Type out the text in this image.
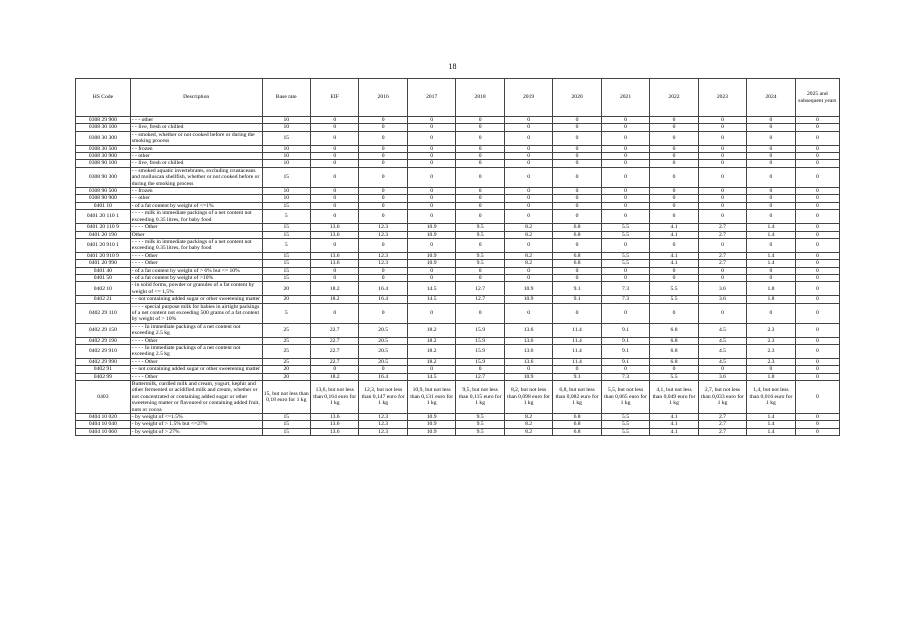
18
HS Code	Description	Base rate	EIF	2016	2017	2018	2019	2020	2021	2022	2023	2024	2025 and subsequent years
0308 29 900	- - - other	10	0	0	0	0	0	0	0	0	0	0	0
0308 30 100	- - live, fresh or chilled	10	0	0	0	0	0	0	0	0	0	0	0
0308 30 300	- - smoked, whether or not cooked before or during the smoking process	15	0	0	0	0	0	0	0	0	0	0	0
0308 30 500	- - frozen	10	0	0	0	0	0	0	0	0	0	0	0
0308 30 900	- - other	10	0	0	0	0	0	0	0	0	0	0	0
0308 90 100	- - live, fresh or chilled	10	0	0	0	0	0	0	0	0	0	0	0
0308 90 300	- - smoked aquatic invertebrates, excluding crustaceans and molluscan shellfish, whether or not cooked before or during the smoking process	15	0	0	0	0	0	0	0	0	0	0	0
0308 90 500	- - frozen	10	0	0	0	0	0	0	0	0	0	0	0
0308 90 900	- - other	10	0	0	0	0	0	0	0	0	0	0	0
0401 10	- of a fat content by weight of <=1%	15	0	0	0	0	0	0	0	0	0	0	0
0401 20 110 1	- - - - milk in immediate packings of a net content not exceeding 0.35 litres, for baby food	5	0	0	0	0	0	0	0	0	0	0	0
0401 20 110 9	- - - - Other	15	13.6	12.3	10.9	9.5	8.2	6.8	5.5	4.1	2.7	1.4	0
0401 20 190	Other	15	13.6	12.3	10.9	9.5	8.2	6.8	5.5	4.1	2.7	1.4	0
0401 20 910 1	- - - - milk in immediate packings of a net content not exceeding 0.35 litres, for baby food	5	0	0	0	0	0	0	0	0	0	0	0
0401 20 910 9	- - - - Other	15	13.6	12.3	10.9	9.5	8.2	6.8	5.5	4.1	2.7	1.4	0
0401 20 990	- - - - Other	15	13.6	12.3	10.9	9.5	8.2	6.8	5.5	4.1	2.7	1.4	0
0401 40	- of a fat content by weight of > 6% but <= 10%	15	0	0	0	0	0	0	0	0	0	0	0
0401 50	- of a fat content by weight of >10%	15	0	0	0	0	0	0	0	0	0	0	0
0402 10	- in solid forms, powder or granules of a fat content by weight of <= 1,5%	20	18.2	16.4	14.5	12.7	10.9	9.1	7.3	5.5	3.6	1.8	0
0402 21	- - not containing added sugar or other sweetening matter	20	18.2	16.4	14.5	12.7	10.9	9.1	7.3	5.5	3.6	1.8	0
0402 29 110	- - - - special purpose milk for babies in airtight packings of a net content not exceeding 500 grams of a fat content by weight of > 10%	5	0	0	0	0	0	0	0	0	0	0	0
0402 29 150	- - - - In immediate packings of a net content not exceeding 2.5 kg	25	22.7	20.5	18.2	15.9	13.6	11.4	9.1	6.8	4.5	2.3	0
0402 29 190	- - - - Other	25	22.7	20.5	18.2	15.9	13.6	11.4	9.1	6.8	4.5	2.3	0
0402 29 910	- - - - In immediate packings of a net content not exceeding 2.5 kg	25	22.7	20.5	18.2	15.9	13.6	11.4	9.1	6.8	4.5	2.3	0
0402 29 990	- - - - Other	25	22.7	20.5	18.2	15.9	13.6	11.4	9.1	6.8	4.5	2.3	0
0402 91	- - not containing added sugar or other sweetening matter	20	0	0	0	0	0	0	0	0	0	0	0
0402 99	- - - - Other	20	18.2	16.4	14.5	12.7	10.9	9.1	7.3	5.5	3.6	1.8	0
0403	Buttermilk, curdled milk and cream, yogurt, kephir and other fermented or acidified milk and cream, whether or not concentrated or containing added sugar or other sweetening matter or flavoured or containing added fruit, nuts or cocoa	15, but not less than 0,18 euro for 1 kg	13,6, but not less than 0,164 euro for 1 kg	12,3, but not less than 0,147 euro for 1 kg	10,9, but not less than 0,131 euro for 1 kg	9,5, but not less than 0,115 euro for 1 kg	8,2, but not less than 0,098 euro for 1 kg	6,8, but not less than 0,082 euro for 1 kg	5,5, but not less than 0,065 euro for 1 kg	4,1, but not less than 0,049 euro for 1 kg	2,7, but not less than 0,033 euro for 1 kg	1,4, but not less than 0,016 euro for 1 kg	0
0404 10 020	- by weight of <=1.5%	15	13.6	12.3	10.9	9.5	8.2	6.8	5.5	4.1	2.7	1.4	0
0404 10 040	- by weight of > 1.5% but <=27%	15	13.6	12.3	10.9	9.5	8.2	6.8	5.5	4.1	2.7	1.4	0
0404 10 060	- by weight of > 27%	15	13.6	12.3	10.9	9.5	8.2	6.8	5.5	4.1	2.7	1.4	0
